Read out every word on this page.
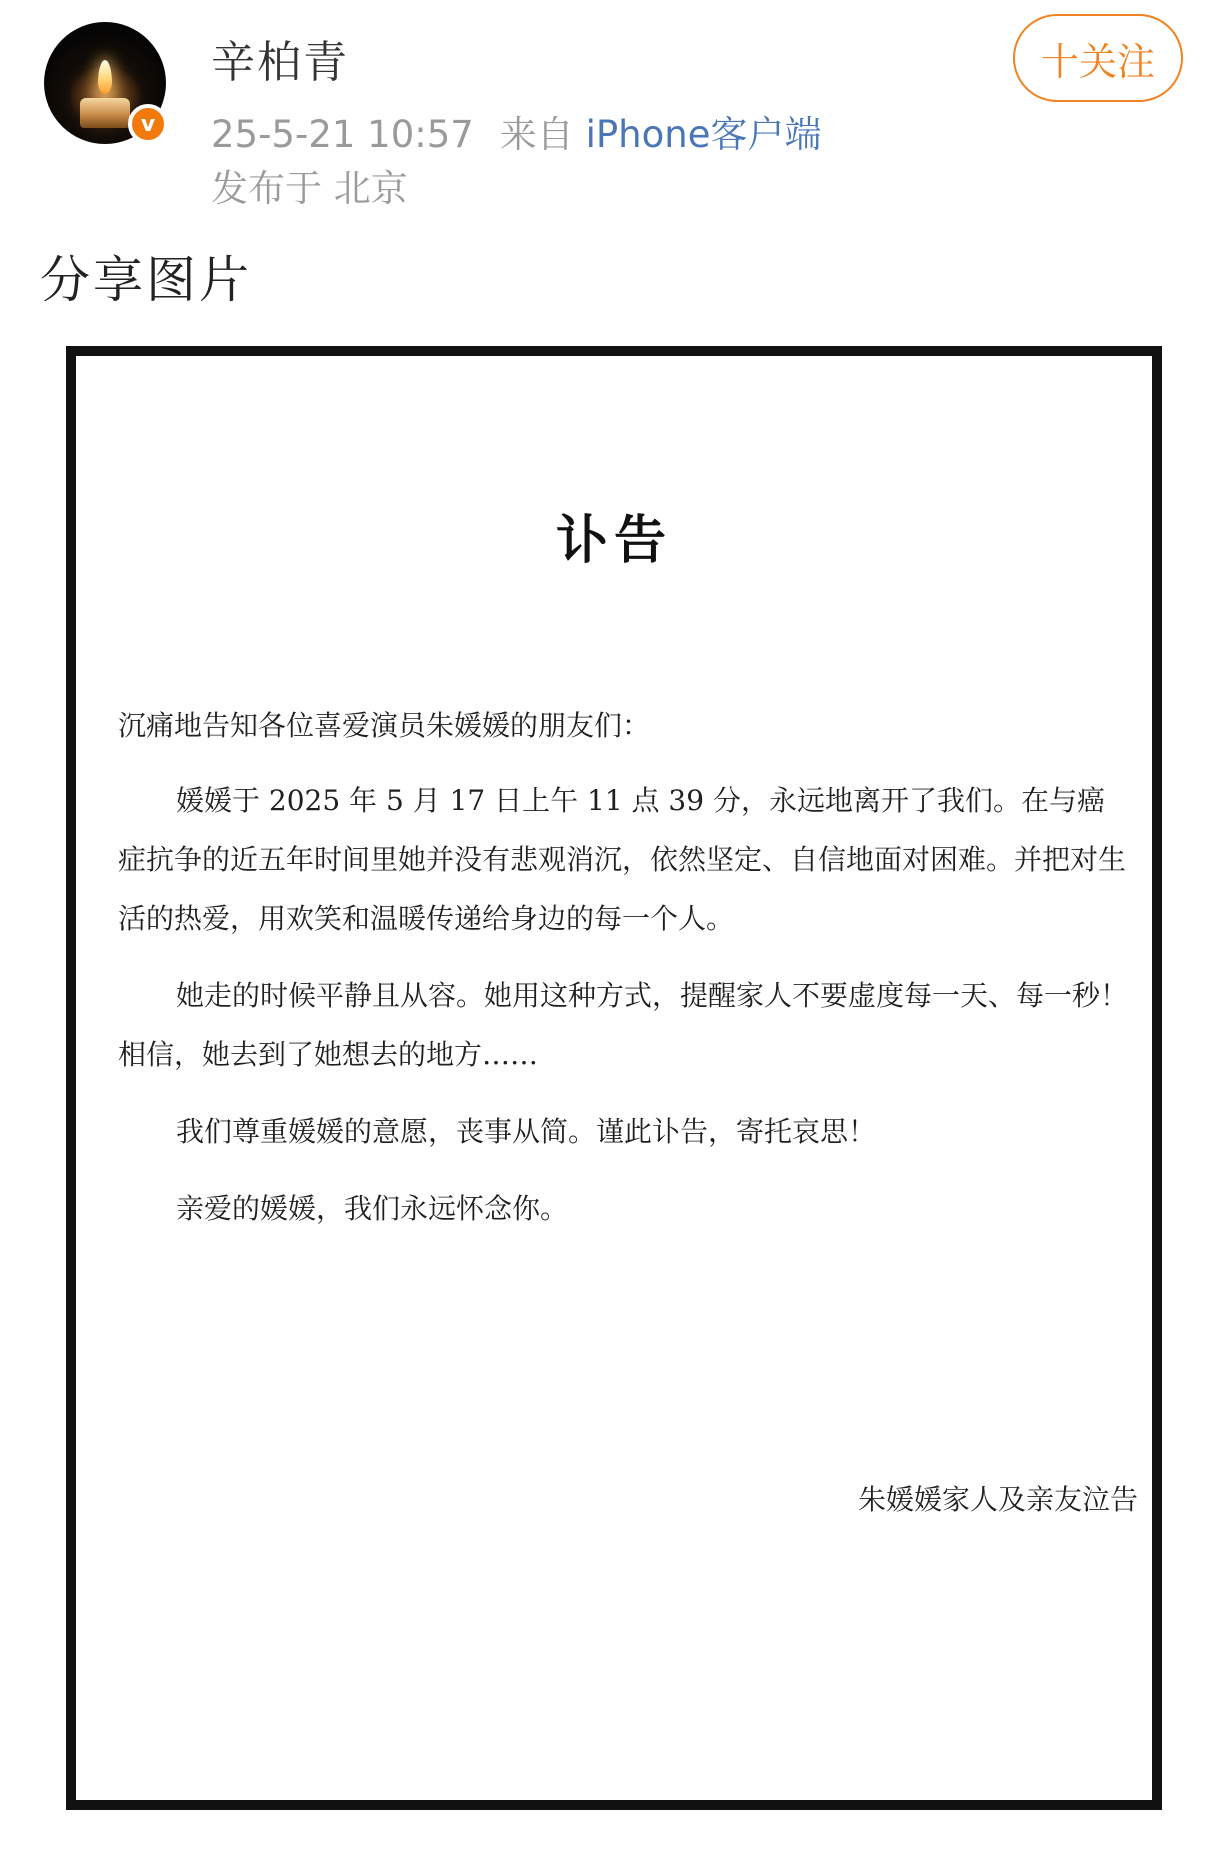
v
辛柏青
25-5-21 10:57 来自 iPhone客户端
发布于 北京
十关注
分享图片
讣告

沉痛地告知各位喜爱演员朱媛媛的朋友们：

媛媛于 2025 年 5 月 17 日上午 11 点 39 分，永远地离开了我们。在与癌症抗争的近五年时间里她并没有悲观消沉，依然坚定、自信地面对困难。并把对生活的热爱，用欢笑和温暖传递给身边的每一个人。

她走的时候平静且从容。她用这种方式，提醒家人不要虚度每一天、每一秒！相信，她去到了她想去的地方……

我们尊重媛媛的意愿，丧事从简。谨此讣告，寄托哀思！

亲爱的媛媛，我们永远怀念你。

朱媛媛家人及亲友泣告
